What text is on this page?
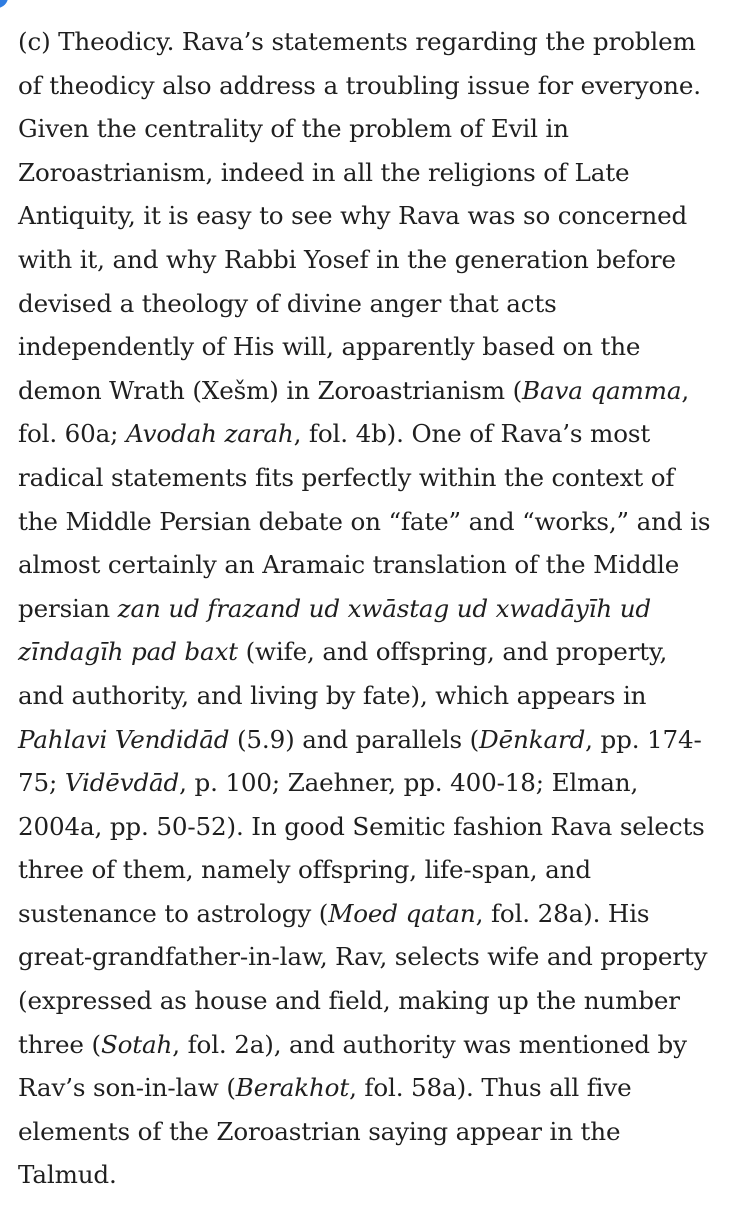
(c) Theodicy. Rava’s statements regarding the problem of theodicy also address a troubling issue for everyone. Given the centrality of the problem of Evil in Zoroastrianism, indeed in all the religions of Late Antiquity, it is easy to see why Rava was so concerned with it, and why Rabbi Yosef in the generation before devised a theology of divine anger that acts independently of His will, apparently based on the demon Wrath (Xešm) in Zoroastrianism (Bava qamma, fol. 60a; Avodah zarah, fol. 4b). One of Rava’s most radical statements fits perfectly within the context of the Middle Persian debate on “fate” and “works,” and is almost certainly an Aramaic translation of the Middle persian zan ud frazand ud xwāstag ud xwadāyīh ud zīndagīh pad baxt (wife, and offspring, and property, and authority, and living by fate), which appears in Pahlavi Vendidād (5.9) and parallels (Dēnkard, pp. 174-75; Vidēvdād, p. 100; Zaehner, pp. 400-18; Elman, 2004a, pp. 50-52). In good Semitic fashion Rava selects three of them, namely offspring, life-span, and sustenance to astrology (Moed qatan, fol. 28a). His great-grandfather-in-law, Rav, selects wife and property (expressed as house and field, making up the number three (Sotah, fol. 2a), and authority was mentioned by Rav’s son-in-law (Berakhot, fol. 58a). Thus all five elements of the Zoroastrian saying appear in the Talmud.
